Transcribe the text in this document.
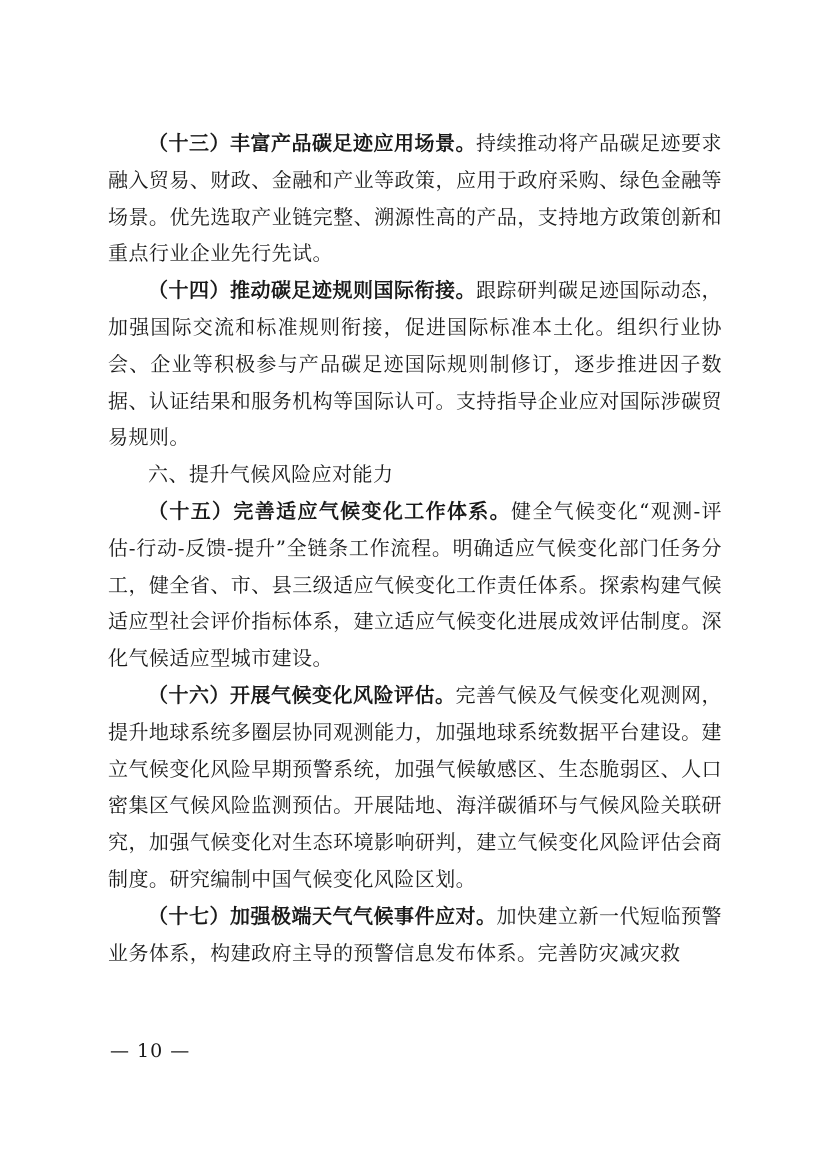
（十三）丰富产品碳足迹应用场景。持续推动将产品碳足迹要求融入贸易、财政、金融和产业等政策，应用于政府采购、绿色金融等场景。优先选取产业链完整、溯源性高的产品，支持地方政策创新和重点行业企业先行先试。

（十四）推动碳足迹规则国际衔接。跟踪研判碳足迹国际动态，加强国际交流和标准规则衔接，促进国际标准本土化。组织行业协会、企业等积极参与产品碳足迹国际规则制修订，逐步推进因子数据、认证结果和服务机构等国际认可。支持指导企业应对国际涉碳贸易规则。

六、提升气候风险应对能力

（十五）完善适应气候变化工作体系。健全气候变化“观测-评估-行动-反馈-提升”全链条工作流程。明确适应气候变化部门任务分工，健全省、市、县三级适应气候变化工作责任体系。探索构建气候适应型社会评价指标体系，建立适应气候变化进展成效评估制度。深化气候适应型城市建设。

（十六）开展气候变化风险评估。完善气候及气候变化观测网，提升地球系统多圈层协同观测能力，加强地球系统数据平台建设。建立气候变化风险早期预警系统，加强气候敏感区、生态脆弱区、人口密集区气候风险监测预估。开展陆地、海洋碳循环与气候风险关联研究，加强气候变化对生态环境影响研判，建立气候变化风险评估会商制度。研究编制中国气候变化风险区划。

（十七）加强极端天气气候事件应对。加快建立新一代短临预警业务体系，构建政府主导的预警信息发布体系。完善防灾减灾救

— 10 —
